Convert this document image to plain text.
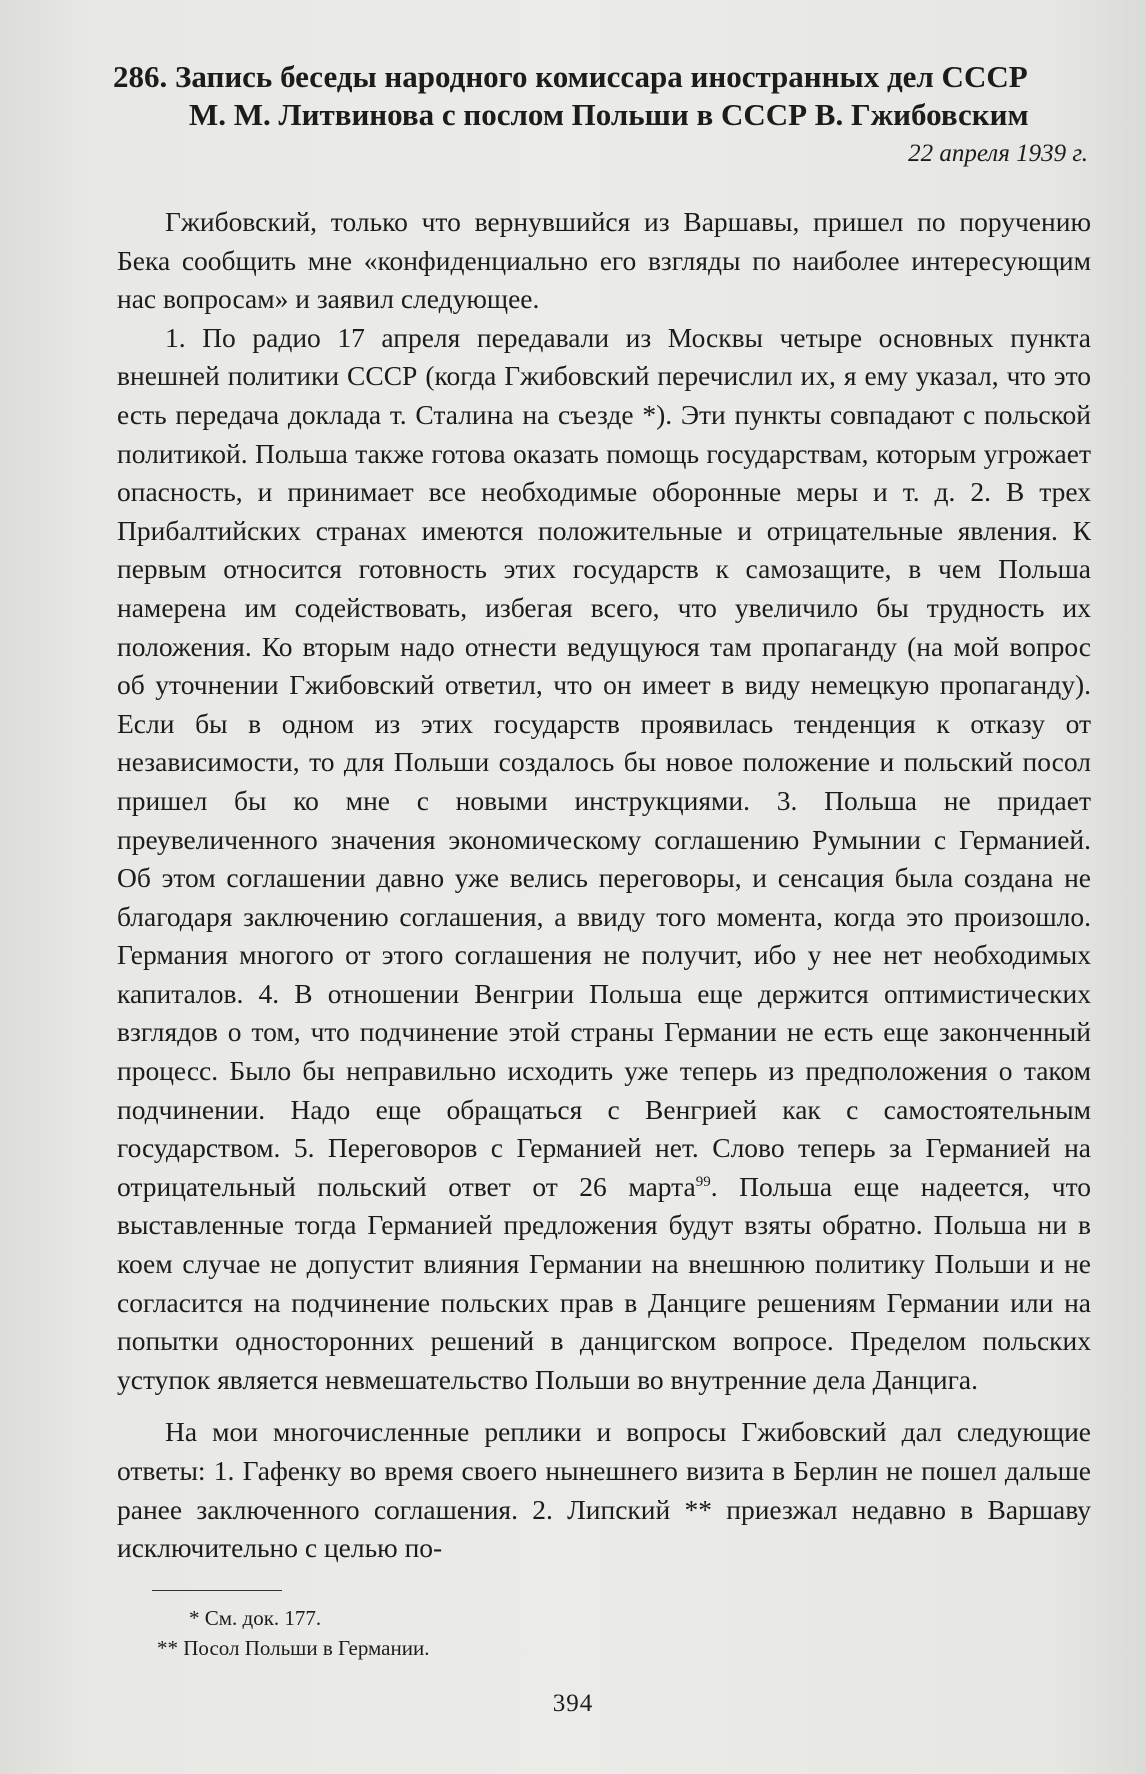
286. Запись беседы народного комиссара иностранных дел СССР
М. М. Литвинова с послом Польши в СССР В. Гжибовским
22 апреля 1939 г.

Гжибовский, только что вернувшийся из Варшавы, пришел по поручению Бека сообщить мне «конфиденциально его взгляды по наиболее интересующим нас вопросам» и заявил следующее.

1. По радио 17 апреля передавали из Москвы четыре основных пункта внешней политики СССР (когда Гжибовский перечислил их, я ему указал, что это есть передача доклада т. Сталина на съезде *). Эти пункты совпадают с польской политикой. Польша также готова оказать помощь государствам, которым угрожает опасность, и принимает все необходимые оборонные меры и т. д. 2. В трех Прибалтийских странах имеются положительные и отрицательные явления. К первым относится готовность этих государств к самозащите, в чем Польша намерена им содействовать, избегая всего, что увеличило бы трудность их положения. Ко вторым надо отнести ведущуюся там пропаганду (на мой вопрос об уточнении Гжибовский ответил, что он имеет в виду немецкую пропаганду). Если бы в одном из этих государств проявилась тенденция к отказу от независимости, то для Польши создалось бы новое положение и польский посол пришел бы ко мне с новыми инструкциями. 3. Польша не придает преувеличенного значения экономическому соглашению Румынии с Германией. Об этом соглашении давно уже велись переговоры, и сенсация была создана не благодаря заключению соглашения, а ввиду того момента, когда это произошло. Германия многого от этого соглашения не получит, ибо у нее нет необходимых капиталов. 4. В отношении Венгрии Польша еще держится оптимистических взглядов о том, что подчинение этой страны Германии не есть еще законченный процесс. Было бы неправильно исходить уже теперь из предположения о таком подчинении. Надо еще обращаться с Венгрией как с самостоятельным государством. 5. Переговоров с Германией нет. Слово теперь за Германией на отрицательный польский ответ от 26 марта$^{99}$. Польша еще надеется, что выставленные тогда Германией предложения будут взяты обратно. Польша ни в коем случае не допустит влияния Германии на внешнюю политику Польши и не согласится на подчинение польских прав в Данциге решениям Германии или на попытки односторонних решений в данцигском вопросе. Пределом польских уступок является невмешательство Польши во внутренние дела Данцига.

На мои многочисленные реплики и вопросы Гжибовский дал следующие ответы: 1. Гафенку во время своего нынешнего визита в Берлин не пошел дальше ранее заключенного соглашения. 2. Липский ** приезжал недавно в Варшаву исключительно с целью по-

* См. док. 177.
** Посол Польши в Германии.
394
